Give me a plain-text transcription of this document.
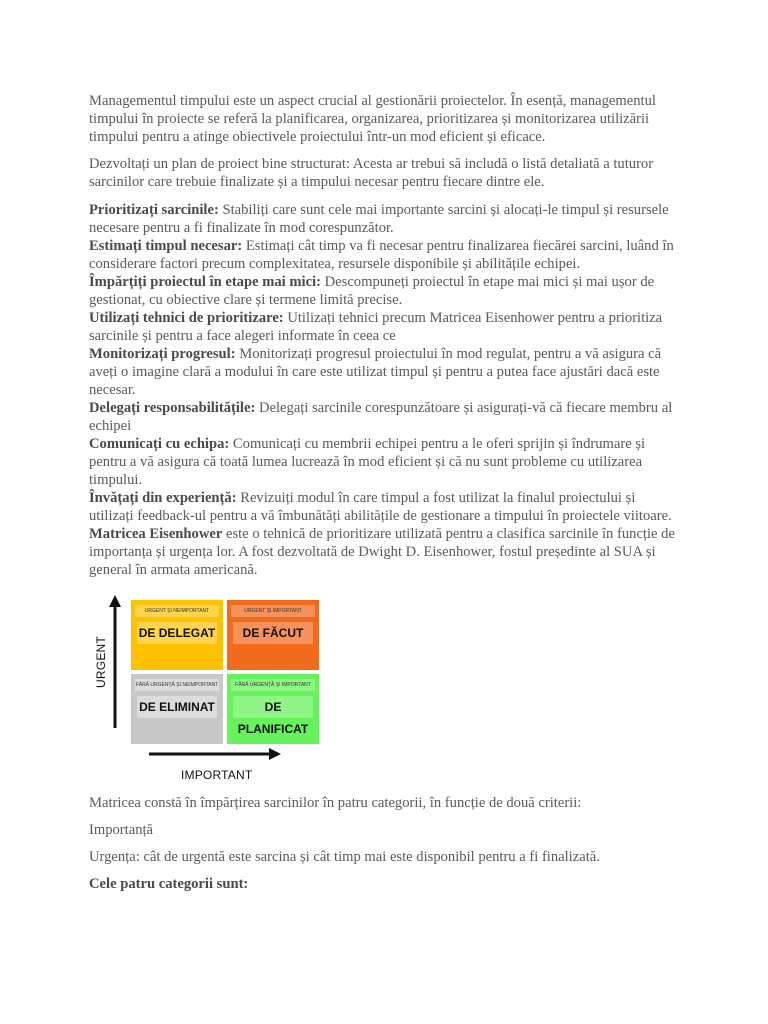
Managementul timpului este un aspect crucial al gestionării proiectelor. În esență, managementul timpului în proiecte se referă la planificarea, organizarea, prioritizarea și monitorizarea utilizării timpului pentru a atinge obiectivele proiectului într-un mod eficient și eficace.

Dezvoltați un plan de proiect bine structurat: Acesta ar trebui să includă o listă detaliată a tuturor sarcinilor care trebuie finalizate și a timpului necesar pentru fiecare dintre ele.

Prioritizați sarcinile: Stabiliți care sunt cele mai importante sarcini și alocați-le timpul și resursele necesare pentru a fi finalizate în mod corespunzător.
Estimați timpul necesar: Estimați cât timp va fi necesar pentru finalizarea fiecărei sarcini, luând în considerare factori precum complexitatea, resursele disponibile și abilitățile echipei.
Împărțiți proiectul în etape mai mici: Descompuneți proiectul în etape mai mici și mai ușor de gestionat, cu obiective clare și termene limită precise.
Utilizați tehnici de prioritizare: Utilizați tehnici precum Matricea Eisenhower pentru a prioritiza sarcinile și pentru a face alegeri informate în ceea ce
Monitorizați progresul: Monitorizați progresul proiectului în mod regulat, pentru a vă asigura că aveți o imagine clară a modului în care este utilizat timpul și pentru a putea face ajustări dacă este necesar.
Delegați responsabilitățile: Delegați sarcinile corespunzătoare și asigurați-vă că fiecare membru al echipei
Comunicați cu echipa: Comunicați cu membrii echipei pentru a le oferi sprijin și îndrumare și pentru a vă asigura că toată lumea lucrează în mod eficient și că nu sunt probleme cu utilizarea timpului.
Învățați din experiență: Revizuiți modul în care timpul a fost utilizat la finalul proiectului și utilizați feedback-ul pentru a vă îmbunătăți abilitățile de gestionare a timpului în proiectele viitoare.
Matricea Eisenhower este o tehnică de prioritizare utilizată pentru a clasifica sarcinile în funcție de importanța și urgența lor. A fost dezvoltată de Dwight D. Eisenhower, fostul președinte al SUA și general în armata americană.
URGENT
URGENT ȘI NEIMPORTANT
DE DELEGAT
URGENT ȘI IMPORTANT
DE FĂCUT
FĂRĂ URGENȚĂ ȘI NEIMPORTANT
DE ELIMINAT
FĂRĂ URGENȚĂ ȘI IMPORTANT
DE PLANIFICAT
IMPORTANT

Matricea constă în împărțirea sarcinilor în patru categorii, în funcție de două criterii:

Importanță

Urgența: cât de urgentă este sarcina și cât timp mai este disponibil pentru a fi finalizată.

Cele patru categorii sunt:
